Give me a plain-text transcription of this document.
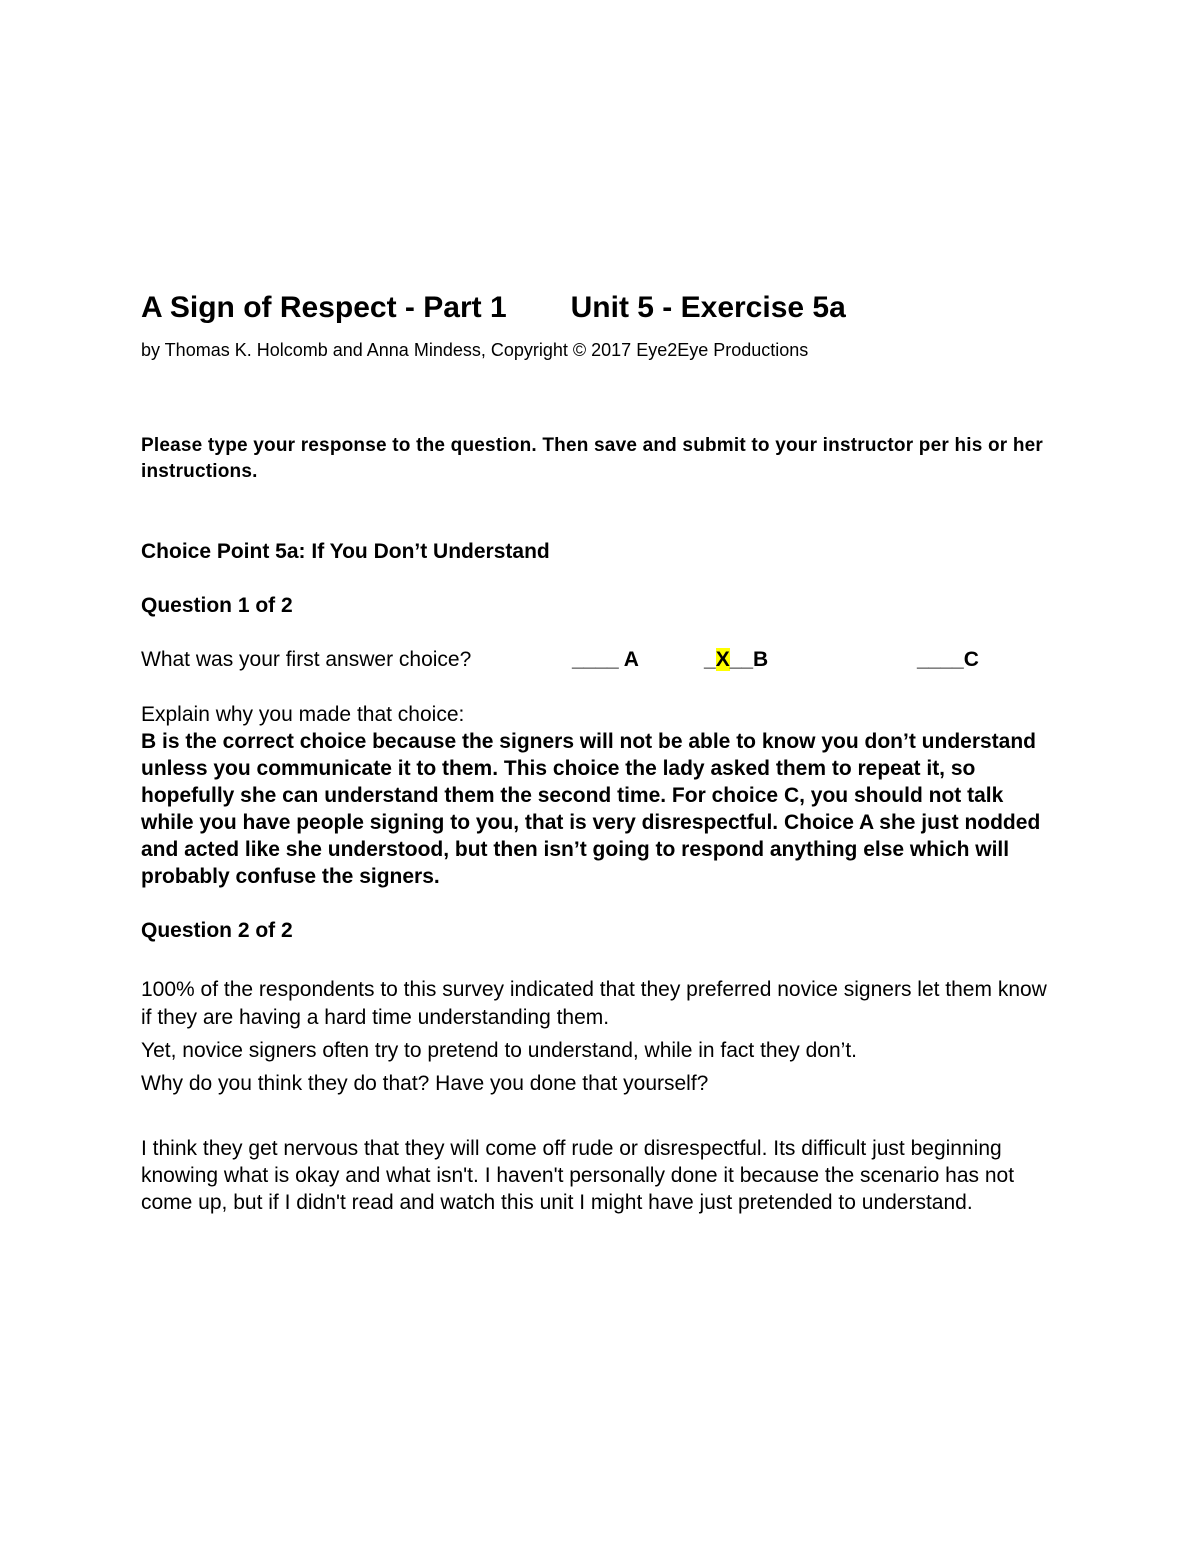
A Sign of Respect - Part 1 Unit 5 - Exercise 5a
by Thomas K. Holcomb and Anna Mindess, Copyright © 2017 Eye2Eye Productions
Please type your response to the question. Then save and submit to your instructor per his or her instructions.
Choice Point 5a: If You Don’t Understand
Question 1 of 2
What was your first answer choice?	____ A	_X__B	____C
Explain why you made that choice:
B is the correct choice because the signers will not be able to know you don’t understand unless you communicate it to them. This choice the lady asked them to repeat it, so hopefully she can understand them the second time. For choice C, you should not talk while you have people signing to you, that is very disrespectful. Choice A she just nodded and acted like she understood, but then isn’t going to respond anything else which will probably confuse the signers.
Question 2 of 2
100% of the respondents to this survey indicated that they preferred novice signers let them know if they are having a hard time understanding them.
Yet, novice signers often try to pretend to understand, while in fact they don’t.
Why do you think they do that? Have you done that yourself?
I think they get nervous that they will come off rude or disrespectful. Its difficult just beginning knowing what is okay and what isn't. I haven't personally done it because the scenario has not come up, but if I didn't read and watch this unit I might have just pretended to understand.
